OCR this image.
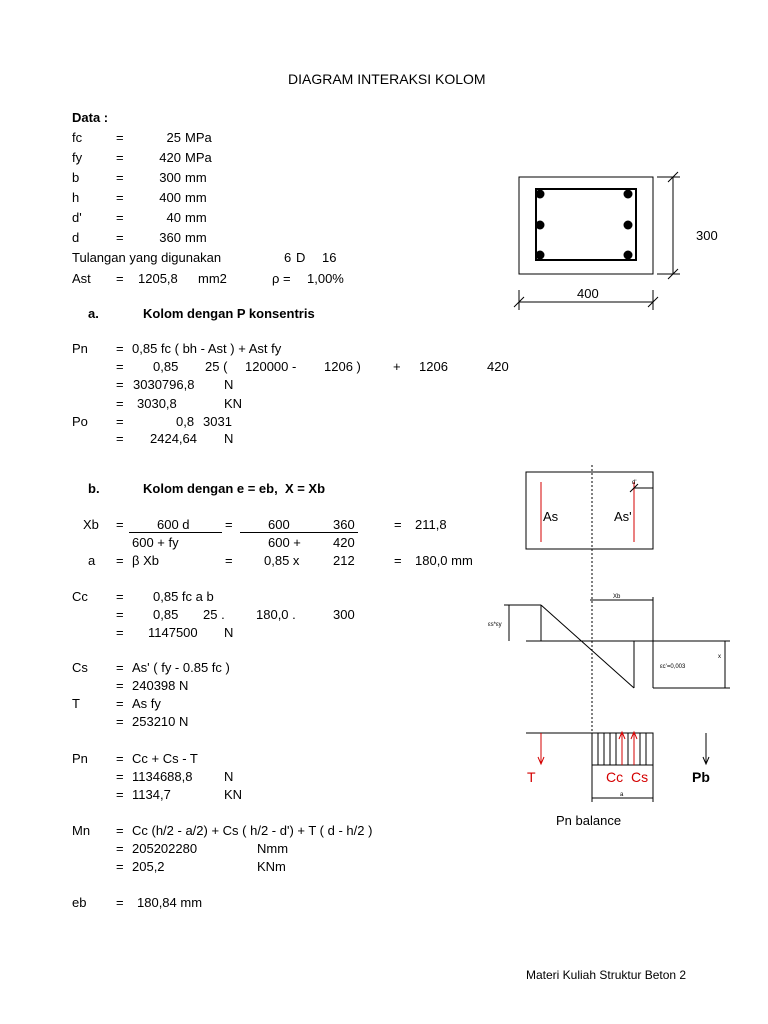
DIAGRAM INTERAKSI KOLOM
Data :
fc	=	25 MPa
fy	=	420 MPa
b	=	300 mm
h	=	400 mm
d'	=	40 mm
d	=	360 mm
Tulangan yang digunakan	6 D 16
Ast = 1205,8 mm2	ρ = 1,00%
a.	Kolom dengan P konsentris
Pn = 0,85 fc ( bh - Ast ) + Ast fy
= 0,85 25 ( 120000 - 1206 ) + 1206	420
= 3030796,8 N
= 3030,8	KN
Po =	0,8 3031
= 2424,64 N
b.	Kolom dengan e = eb,  X = Xb
Xb =	600 d
600 + fy
=	600	360
600 + 420
= 211,8
a = β Xb	= 0,85 x	212	= 180,0 mm
Cc = 0,85 fc a b
= 0,85 25 . 180,0 .	300
= 1147500 N
Cs = As' ( fy - 0.85 fc )
= 240398 N
T	= As fy
= 253210 N
Pn = Cc + Cs - T
= 1134688,8 N
= 1134,7	KN
Mn = Cc (h/2 - a/2) + Cs ( h/2 - d') + T ( d - h/2 )
= 205202280	Nmm
= 205,2	KNm
eb = 180,84 mm
300
400
As	As'
Xb
εs*εy
εc'=0,003
d'
x
a
T	Cc Cs	Pb
Pn balance
Materi Kuliah Struktur Beton 2
